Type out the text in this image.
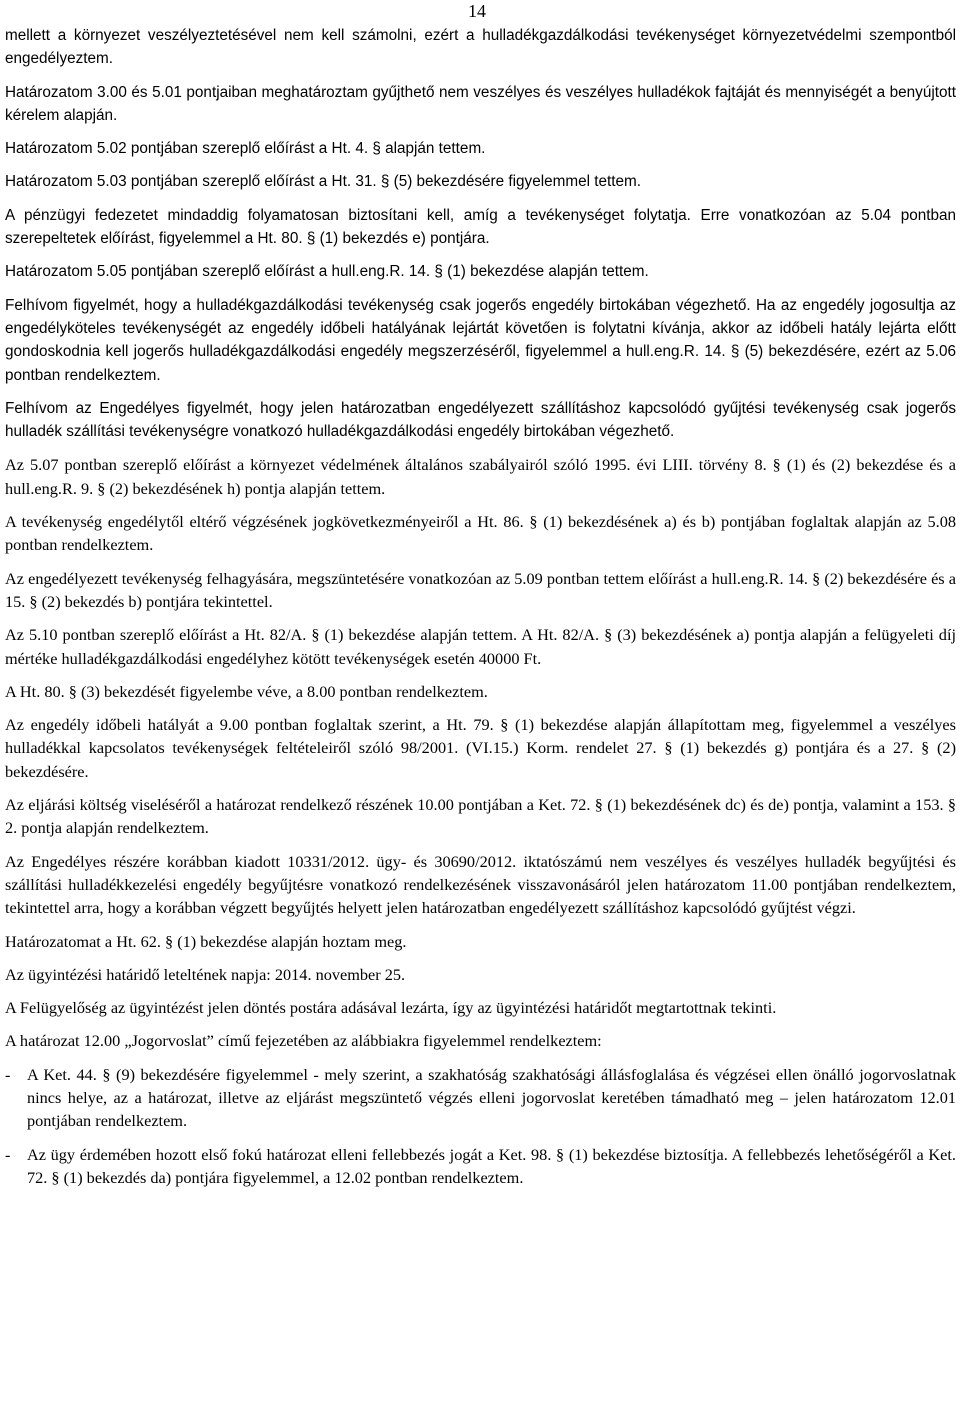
14

mellett a környezet veszélyeztetésével nem kell számolni, ezért a hulladékgazdálkodási tevékenységet környezetvédelmi szempontból engedélyeztem.

Határozatom 3.00 és 5.01 pontjaiban meghatároztam gyűjthető nem veszélyes és veszélyes hulladékok fajtáját és mennyiségét a benyújtott kérelem alapján.

Határozatom 5.02 pontjában szereplő előírást a Ht. 4. § alapján tettem.

Határozatom 5.03 pontjában szereplő előírást a Ht. 31. § (5) bekezdésére figyelemmel tettem.

A pénzügyi fedezetet mindaddig folyamatosan biztosítani kell, amíg a tevékenységet folytatja. Erre vonatkozóan az 5.04 pontban szerepeltetek előírást, figyelemmel a Ht. 80. § (1) bekezdés e) pontjára.

Határozatom 5.05 pontjában szereplő előírást a hull.eng.R. 14. § (1) bekezdése alapján tettem.

Felhívom figyelmét, hogy a hulladékgazdálkodási tevékenység csak jogerős engedély birtokában végezhető. Ha az engedély jogosultja az engedélyköteles tevékenységét az engedély időbeli hatályának lejártát követően is folytatni kívánja, akkor az időbeli hatály lejárta előtt gondoskodnia kell jogerős hulladékgazdálkodási engedély megszerzéséről, figyelemmel a hull.eng.R. 14. § (5) bekezdésére, ezért az 5.06 pontban rendelkeztem.

Felhívom az Engedélyes figyelmét, hogy jelen határozatban engedélyezett szállításhoz kapcsolódó gyűjtési tevékenység csak jogerős hulladék szállítási tevékenységre vonatkozó hulladékgazdálkodási engedély birtokában végezhető.

Az 5.07 pontban szereplő előírást a környezet védelmének általános szabályairól szóló 1995. évi LIII. törvény 8. § (1) és (2) bekezdése és a hull.eng.R. 9. § (2) bekezdésének h) pontja alapján tettem.

A tevékenység engedélytől eltérő végzésének jogkövetkezményeiről a Ht. 86. § (1) bekezdésének a) és b) pontjában foglaltak alapján az 5.08 pontban rendelkeztem.

Az engedélyezett tevékenység felhagyására, megszüntetésére vonatkozóan az 5.09 pontban tettem előírást a hull.eng.R. 14. § (2) bekezdésére és a 15. § (2) bekezdés b) pontjára tekintettel.

Az 5.10 pontban szereplő előírást a Ht. 82/A. § (1) bekezdése alapján tettem. A Ht. 82/A. § (3) bekezdésének a) pontja alapján a felügyeleti díj mértéke hulladékgazdálkodási engedélyhez kötött tevékenységek esetén 40000 Ft.

A Ht. 80. § (3) bekezdését figyelembe véve, a 8.00 pontban rendelkeztem.

Az engedély időbeli hatályát a 9.00 pontban foglaltak szerint, a Ht. 79. § (1) bekezdése alapján állapítottam meg, figyelemmel a veszélyes hulladékkal kapcsolatos tevékenységek feltételeiről szóló 98/2001. (VI.15.) Korm. rendelet 27. § (1) bekezdés g) pontjára és a 27. § (2) bekezdésére.

Az eljárási költség viseléséről a határozat rendelkező részének 10.00 pontjában a Ket. 72. § (1) bekezdésének dc) és de) pontja, valamint a 153. § 2. pontja alapján rendelkeztem.

Az Engedélyes részére korábban kiadott 10331/2012. ügy- és 30690/2012. iktatószámú nem veszélyes és veszélyes hulladék begyűjtési és szállítási hulladékkezelési engedély begyűjtésre vonatkozó rendelkezésének visszavonásáról jelen határozatom 11.00 pontjában rendelkeztem, tekintettel arra, hogy a korábban végzett begyűjtés helyett jelen határozatban engedélyezett szállításhoz kapcsolódó gyűjtést végzi.

Határozatomat a Ht. 62. § (1) bekezdése alapján hoztam meg.

Az ügyintézési határidő leteltének napja: 2014. november 25.

A Felügyelőség az ügyintézést jelen döntés postára adásával lezárta, így az ügyintézési határidőt megtartottnak tekinti.

A határozat 12.00 „Jogorvoslat” című fejezetében az alábbiakra figyelemmel rendelkeztem:

-	A Ket. 44. § (9) bekezdésére figyelemmel - mely szerint, a szakhatóság szakhatósági állásfoglalása és végzései ellen önálló jogorvoslatnak nincs helye, az a határozat, illetve az eljárást megszüntető végzés elleni jogorvoslat keretében támadható meg – jelen határozatom 12.01 pontjában rendelkeztem.
-	Az ügy érdemében hozott első fokú határozat elleni fellebbezés jogát a Ket. 98. § (1) bekezdése biztosítja. A fellebbezés lehetőségéről a Ket. 72. § (1) bekezdés da) pontjára figyelemmel, a 12.02 pontban rendelkeztem.
